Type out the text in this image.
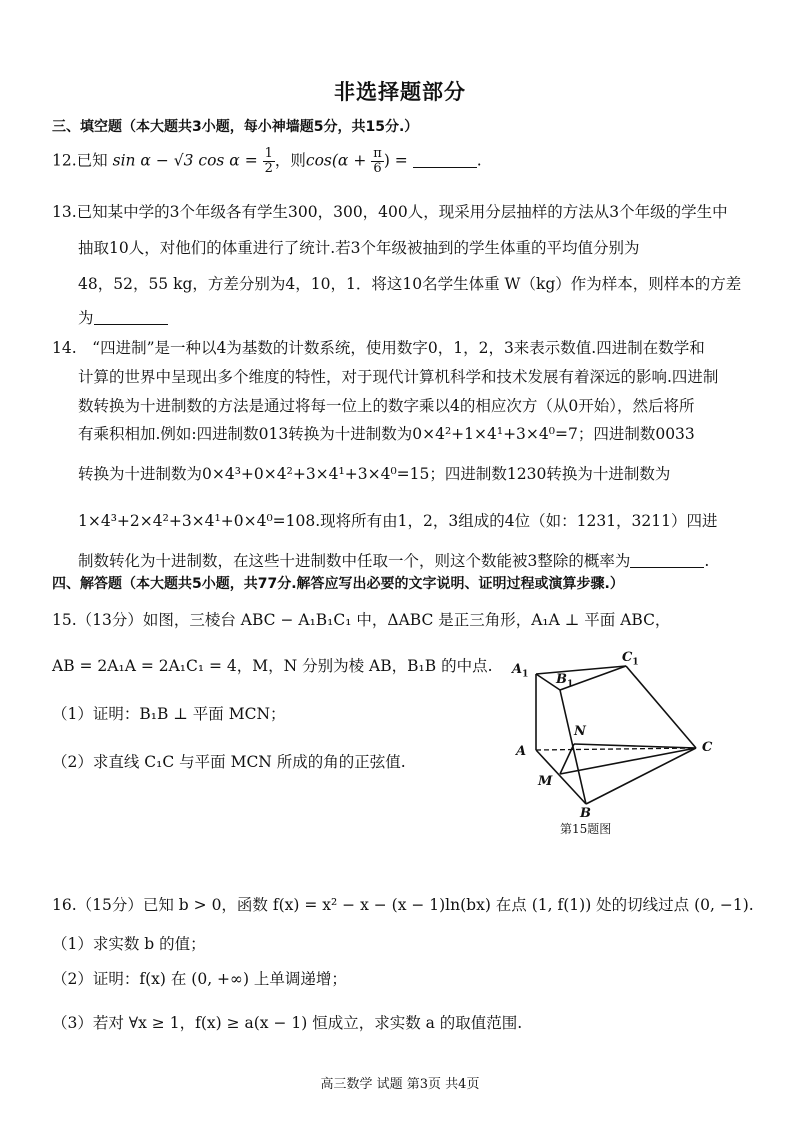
非选择题部分
三、填空题（本大题共3小题，每小神墙题5分，共15分.）
12.已知 sin α − √3 $\cos \alpha = \frac{1}{2}$ ，则$\cos(\alpha + \frac{\pi}{6}$ ) =	.
13.已知某中学的3个年级各有学生300，300，400人，现采用分层抽样的方法从3个年级的学生中
抽取10人，对他们的体重进行了统计.若3个年级被抽到的学生体重的平均值分别为
48，52，55 kg，方差分别为4，10，1．将这10名学生体重 W（kg）作为样本，则样本的方差
为
14.　“四进制”是一种以4为基数的计数系统，使用数字0，1，2，3来表示数值.四进制在数学和
计算的世界中呈现出多个维度的特性，对于现代计算机科学和技术发展有着深远的影响.四进制
数转换为十进制数的方法是通过将每一位上的数字乘以4的相应次方（从0开始），然后将所
有乘积相加.例如:四进制数013转换为十进制数为0×4²+1×4¹+3×4⁰=7；四进制数0033
转换为十进制数为0×4³+0×4²+3×4¹+3×4⁰=15；四进制数1230转换为十进制数为
1×4³+2×4²+3×4¹+0×4⁰=108.现将所有由1，2，3组成的4位（如：1231，3211）四进
制数转化为十进制数，在这些十进制数中任取一个，则这个数能被3整除的概率为	.
四、解答题（本大题共5小题，共77分.解答应写出必要的文字说明、证明过程或演算步骤.）
15.（13分）如图，三棱台 ABC − A₁B₁C₁ 中，ΔABC 是正三角形，A₁A ⊥ 平面 ABC，
AB = 2A₁A = 2A₁C₁ = 4，M，N 分别为棱 AB，B₁B 的中点.
（1）证明：B₁B ⊥ 平面 MCN；
（2）求直线 C₁C 与平面 MCN 所成的角的正弦值.
$A_1$ $B_1$
$C_1$
N
A	C
M
B
第15题图
16.（15分）已知 b > 0，函数 f(x) = x² − x − (x − 1)ln(bx) 在点 (1, f(1)) 处的切线过点 (0, −1).
（1）求实数 b 的值；
（2）证明：f(x) 在 (0, +∞) 上单调递增；
（3）若对 ∀x ≥ 1，f(x) ≥ a(x − 1) 恒成立，求实数 a 的取值范围.
高三数学 试题 第3页 共4页
